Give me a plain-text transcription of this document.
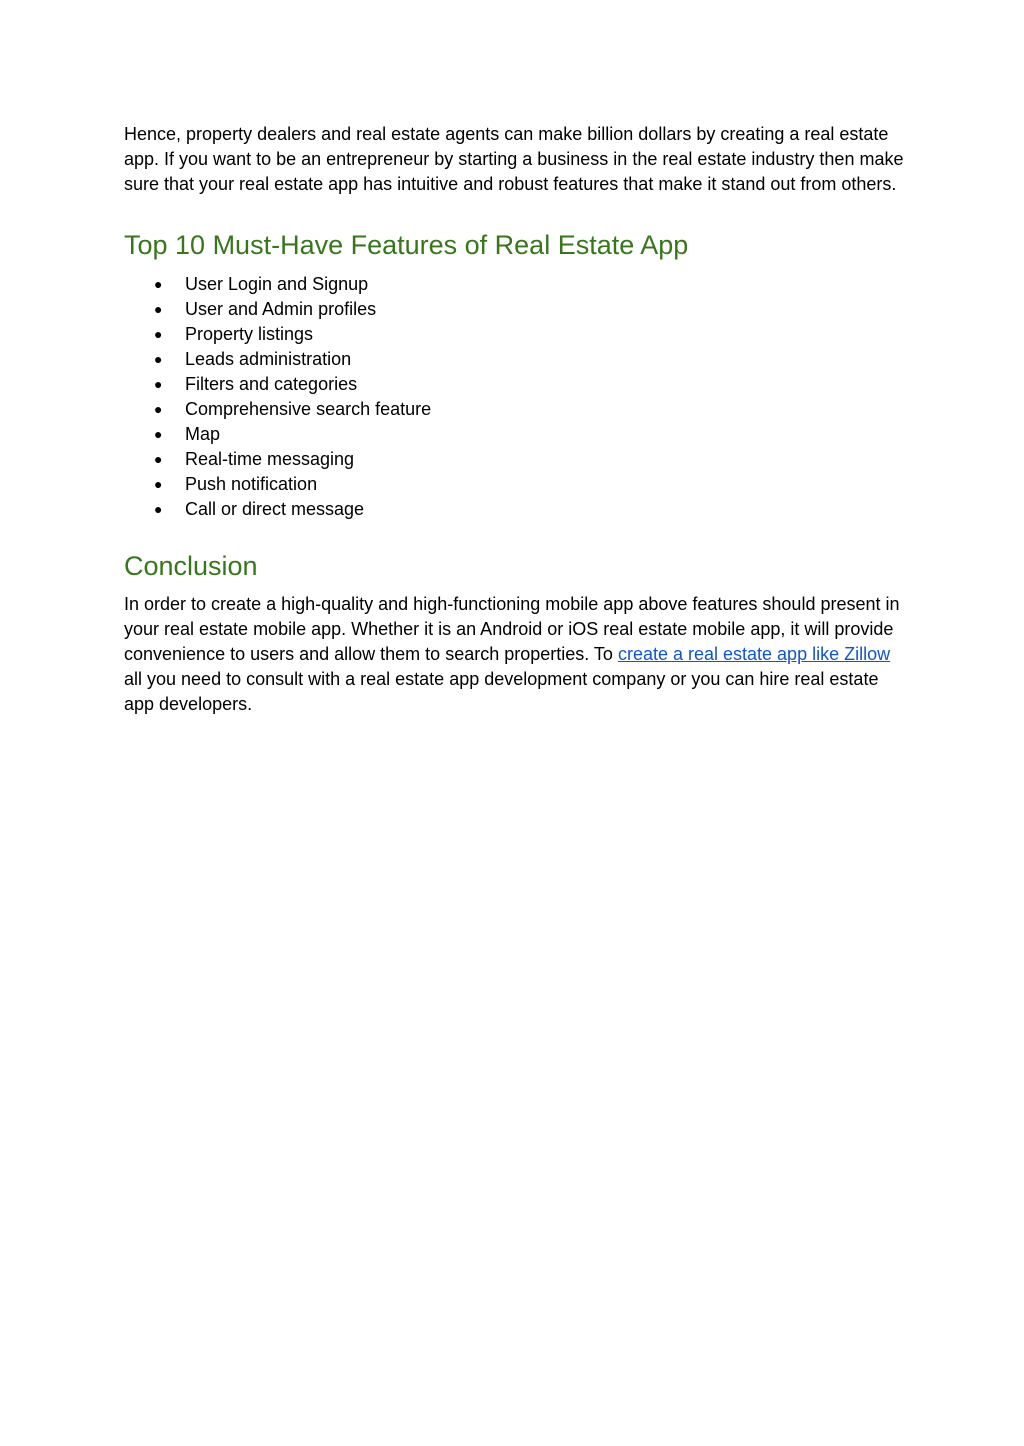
Hence, property dealers and real estate agents can make billion dollars by creating a real estate app. If you want to be an entrepreneur by starting a business in the real estate industry then make sure that your real estate app has intuitive and robust features that make it stand out from others.

Top 10 Must-Have Features of Real Estate App
● User Login and Signup
● User and Admin profiles
● Property listings
● Leads administration
● Filters and categories
● Comprehensive search feature
● Map
● Real-time messaging
● Push notification
● Call or direct message
Conclusion

In order to create a high-quality and high-functioning mobile app above features should present in your real estate mobile app. Whether it is an Android or iOS real estate mobile app, it will provide convenience to users and allow them to search properties. To create a real estate app like Zillow all you need to consult with a real estate app development company or you can hire real estate app developers.
